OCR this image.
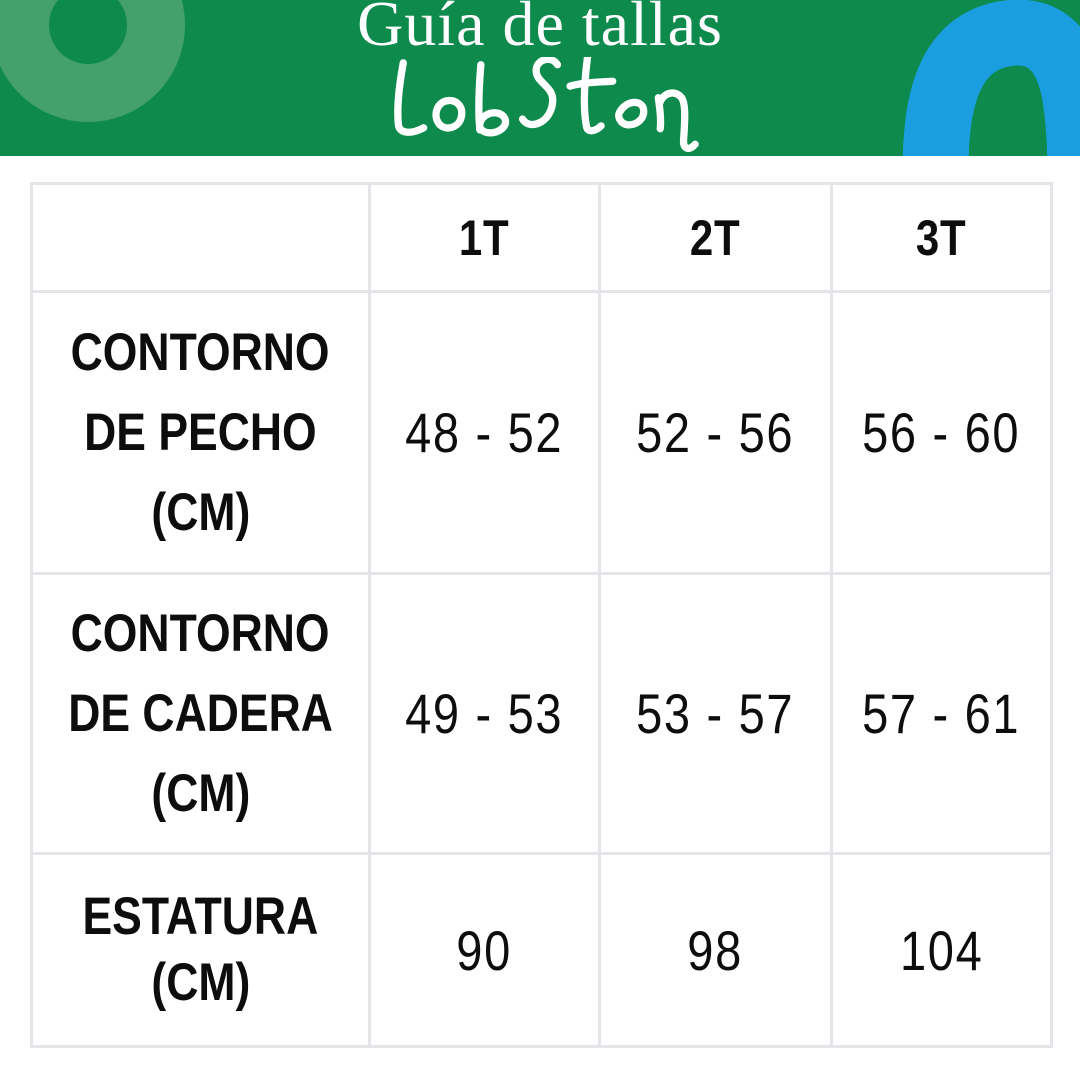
Guía de tallas
	1T	2T	3T

CONTORNO
DE PECHO
(CM)	48 - 52	52 - 56	56 - 60

CONTORNO
DE CADERA
(CM)	49 - 53	53 - 57	57 - 61

ESTATURA
(CM)	90	98	104
